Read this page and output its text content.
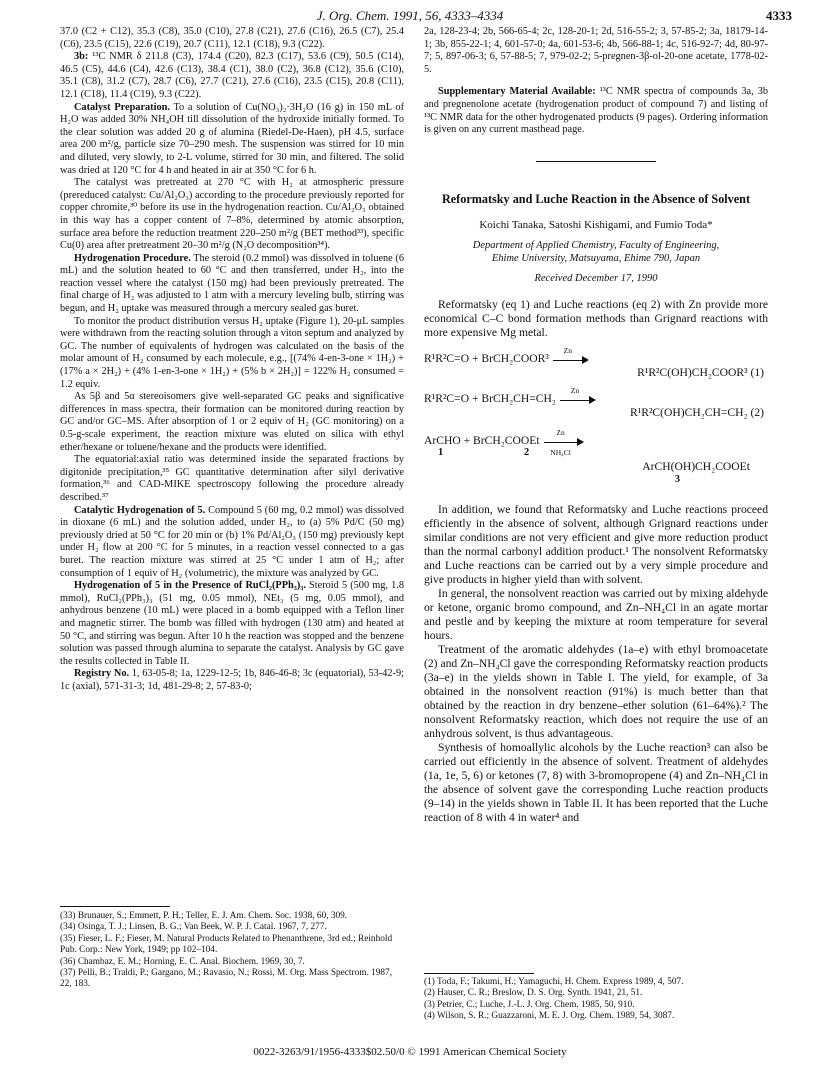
J. Org. Chem. 1991, 56, 4333–4334	4333

37.0 (C2 + C12), 35.3 (C8), 35.0 (C10), 27.8 (C21), 27.6 (C16), 26.5 (C7), 25.4 (C6), 23.5 (C15), 22.6 (C19), 20.7 (C11), 12.1 (C18), 9.3 (C22).

3b: ¹³C NMR δ 211.8 (C3), 174.4 (C20), 82.3 (C17), 53.6 (C9), 50.5 (C14), 46.5 (C5), 44.6 (C4), 42.6 (C13), 38.4 (C1), 38.0 (C2), 36.8 (C12), 35.6 (C10), 35.1 (C8), 31.2 (C7), 28.7 (C6), 27.7 (C21), 27.6 (C16), 23.5 (C15), 20.8 (C11), 12.1 (C18), 11.4 (C19), 9.3 (C22).

Catalyst Preparation. To a solution of Cu(NO₃)₂·3H₂O (16 g) in 150 mL of H₂O was added 30% NH₄OH till dissolution of the hydroxide initially formed. To the clear solution was added 20 g of alumina (Riedel-De-Haen), pH 4.5, surface area 200 m²/g, particle size 70–290 mesh. The suspension was stirred for 10 min and diluted, very slowly, to 2-L volume, stirred for 30 min, and filtered. The solid was dried at 120 °C for 4 h and heated in air at 350 °C for 6 h.

The catalyst was pretreated at 270 °C with H₂ at atmospheric pressure (prereduced catalyst: Cu/Al₂O₃) according to the procedure previously reported for copper chromite,³⁰ before its use in the hydrogenation reaction. Cu/Al₂O₃ obtained in this way has a copper content of 7–8%, determined by atomic absorption, surface area before the reduction treatment 220–250 m²/g (BET method³³), specific Cu(0) area after pretreatment 20–30 m²/g (N₂O decomposition³⁴).

Hydrogenation Procedure. The steroid (0.2 mmol) was dissolved in toluene (6 mL) and the solution heated to 60 °C and then transferred, under H₂, into the reaction vessel where the catalyst (150 mg) had been previously pretreated. The final charge of H₂ was adjusted to 1 atm with a mercury leveling bulb, stirring was begun, and H₂ uptake was measured through a mercury sealed gas buret.

To monitor the product distribution versus H₂ uptake (Figure 1), 20-μL samples were withdrawn from the reacting solution through a viton septum and analyzed by GC. The number of equivalents of hydrogen was calculated on the basis of the molar amount of H₂ consumed by each molecule, e.g., [(74% 4-en-3-one × 1H₂) + (17% a × 2H₂) + (4% 1-en-3-one × 1H₂) + (5% b × 2H₂)] = 122% H₂ consumed = 1.2 equiv.

As 5β and 5α stereoisomers give well-separated GC peaks and significative differences in mass spectra, their formation can be monitored during reaction by GC and/or GC–MS. After absorption of 1 or 2 equiv of H₂ (GC monitoring) on a 0.5-g-scale experiment, the reaction mixture was eluted on silica with ethyl ether/hexane or toluene/hexane and the products were identified.

The equatorial:axial ratio was determined inside the separated fractions by digitonide precipitation,³⁵ GC quantitative determination after silyl derivative formation,³⁶ and CAD-MIKE spectroscopy following the procedure already described.³⁷

Catalytic Hydrogenation of 5. Compound 5 (60 mg, 0.2 mmol) was dissolved in dioxane (6 mL) and the solution added, under H₂, to (a) 5% Pd/C (50 mg) previously dried at 50 °C for 20 min or (b) 1% Pd/Al₂O₃ (150 mg) previously kept under H₂ flow at 200 °C for 5 minutes, in a reaction vessel connected to a gas buret. The reaction mixture was stirred at 25 °C under 1 atm of H₂; after consumption of 1 equiv of H₂ (volumetric), the mixture was analyzed by GC.

Hydrogenation of 5 in the Presence of RuCl₂(PPh₃)₃. Steroid 5 (500 mg, 1.8 mmol), RuCl₂(PPh₃)₃ (51 mg, 0.05 mmol), NEt₃ (5 mg, 0.05 mmol), and anhydrous benzene (10 mL) were placed in a bomb equipped with a Teflon liner and magnetic stirrer. The bomb was filled with hydrogen (130 atm) and heated at 50 °C, and stirring was begun. After 10 h the reaction was stopped and the benzene solution was passed through alumina to separate the catalyst. Analysis by GC gave the results collected in Table II.

Registry No. 1, 63-05-8; 1a, 1229-12-5; 1b, 846-46-8; 3c (equatorial), 53-42-9; 1c (axial), 571-31-3; 1d, 481-29-8; 2, 57-83-0;

(33) Brunauer, S.; Emmett, P. H.; Teller, E. J. Am. Chem. Soc. 1938, 60, 309.
(34) Osinga, T. J.; Linsen, B. G.; Van Beek, W. P. J. Catal. 1967, 7, 277.
(35) Fieser, L. F.; Fieser, M. Natural Products Related to Phenanthrene, 3rd ed.; Reinhold Pub. Corp.: New York, 1949; pp 102–104.
(36) Chambaz, E. M.; Horning, E. C. Anal. Biochem. 1969, 30, 7.
(37) Pelli, B.; Traldi, P.; Gargano, M.; Ravasio, N.; Rossi, M. Org. Mass Spectrom. 1987, 22, 183.

2a, 128-23-4; 2b, 566-65-4; 2c, 128-20-1; 2d, 516-55-2; 3, 57-85-2; 3a, 18179-14-1; 3b, 855-22-1; 4, 601-57-0; 4a, 601-53-6; 4b, 566-88-1; 4c, 516-92-7; 4d, 80-97-7; 5, 897-06-3; 6, 57-88-5; 7, 979-02-2; 5-pregnen-3β-ol-20-one acetate, 1778-02-5.

Supplementary Material Available: ¹³C NMR spectra of compounds 3a, 3b and pregnenolone acetate (hydrogenation product of compound 7) and listing of ¹³C NMR data for the other hydrogenated products (9 pages). Ordering information is given on any current masthead page.

Reformatsky and Luche Reaction in the Absence of Solvent
Koichi Tanaka, Satoshi Kishigami, and Fumio Toda*
Department of Applied Chemistry, Faculty of Engineering,
Ehime University, Matsuyama, Ehime 790, Japan
Received December 17, 1990

Reformatsky (eq 1) and Luche reactions (eq 2) with Zn provide more economical C–C bond formation methods than Grignard reactions with more expensive Mg metal.

R¹R²C=O + BrCH₂COOR³
Zn
R¹R²C(OH)CH₂COOR³ (1)
R¹R²C=O + BrCH₂CH=CH₂
Zn
R¹R²C(OH)CH₂CH=CH₂ (2)
ArCHO + BrCH₂COOEt
Zn
NH₄Cl
1	2
ArCH(OH)CH₂COOEt
3

In addition, we found that Reformatsky and Luche reactions proceed efficiently in the absence of solvent, although Grignard reactions under similar conditions are not very efficient and give more reduction product than the normal carbonyl addition product.¹ The nonsolvent Reformatsky and Luche reactions can be carried out by a very simple procedure and give products in higher yield than with solvent.

In general, the nonsolvent reaction was carried out by mixing aldehyde or ketone, organic bromo compound, and Zn–NH₄Cl in an agate mortar and pestle and by keeping the mixture at room temperature for several hours.

Treatment of the aromatic aldehydes (1a–e) with ethyl bromoacetate (2) and Zn–NH₄Cl gave the corresponding Reformatsky reaction products (3a–e) in the yields shown in Table I. The yield, for example, of 3a obtained in the nonsolvent reaction (91%) is much better than that obtained by the reaction in dry benzene–ether solution (61–64%).² The nonsolvent Reformatsky reaction, which does not require the use of an anhydrous solvent, is thus advantageous.

Synthesis of homoallylic alcohols by the Luche reaction³ can also be carried out efficiently in the absence of solvent. Treatment of aldehydes (1a, 1e, 5, 6) or ketones (7, 8) with 3-bromopropene (4) and Zn–NH₄Cl in the absence of solvent gave the corresponding Luche reaction products (9–14) in the yields shown in Table II. It has been reported that the Luche reaction of 8 with 4 in water⁴ and

(1) Toda, F.; Takumi, H.; Yamaguchi, H. Chem. Express 1989, 4, 507.
(2) Hauser, C. R.; Breslow, D. S. Org. Synth. 1941, 21, 51.
(3) Petrier, C.; Luche, J.-L. J. Org. Chem. 1985, 50, 910.
(4) Wilson, S. R.; Guazzaroni, M. E. J. Org. Chem. 1989, 54, 3087.
0022-3263/91/1956-4333$02.50/0 © 1991 American Chemical Society
